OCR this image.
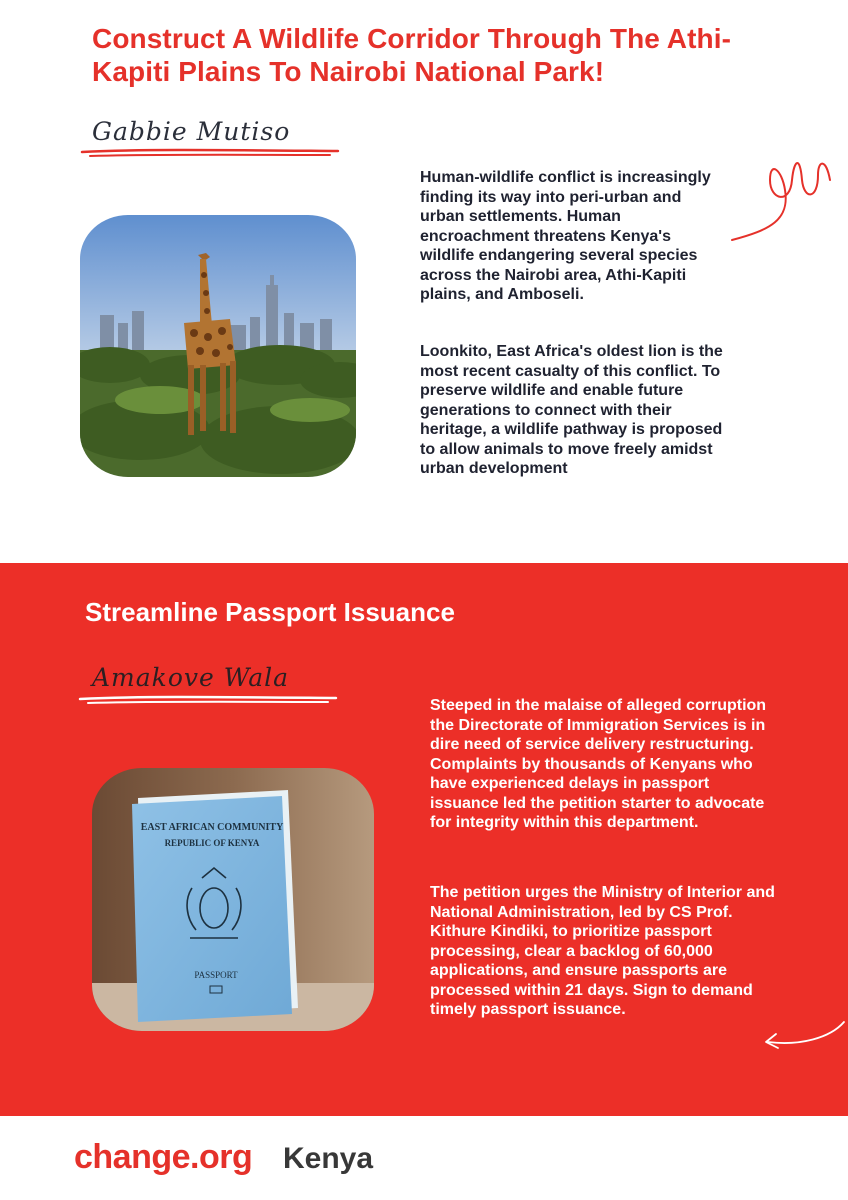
Construct A Wildlife Corridor Through The Athi-Kapiti Plains To Nairobi National Park!
Gabbie Mutiso

Human-wildlife conflict is increasingly finding its way into peri-urban and urban settlements. Human encroachment threatens Kenya's wildlife endangering several species across the Nairobi area, Athi-Kapiti plains, and Amboseli.

Loonkito, East Africa's oldest lion is the most recent casualty of this conflict. To preserve wildlife and enable future generations to connect with their heritage, a wildlife pathway is proposed to allow animals to move freely amidst urban development

Streamline Passport Issuance
Amakove Wala
EAST AFRICAN COMMUNITY
REPUBLIC OF KENYA
PASSPORT

Steeped in the malaise of alleged corruption the Directorate of Immigration Services is in dire need of service delivery restructuring. Complaints by thousands of Kenyans who have experienced delays in passport issuance led the petition starter to advocate for integrity within this department.

The petition urges the Ministry of Interior and National Administration, led by CS Prof. Kithure Kindiki, to prioritize passport processing, clear a backlog of 60,000 applications, and ensure passports are processed within 21 days. Sign to demand timely passport issuance.

change.org Kenya
